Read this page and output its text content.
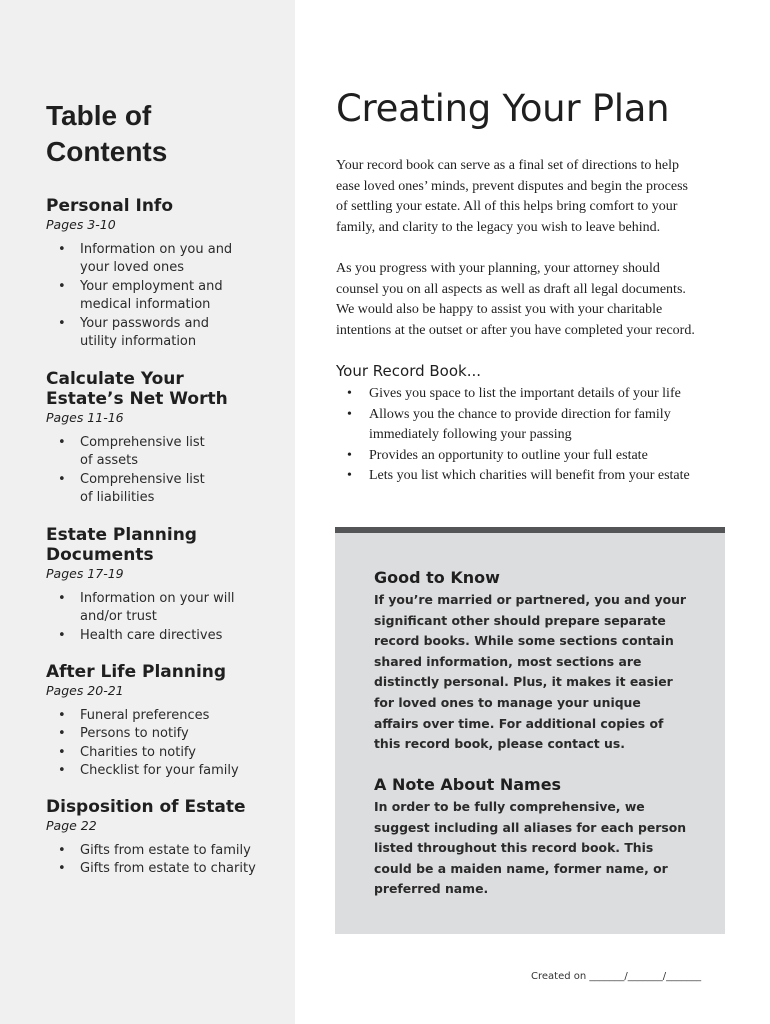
Table of
Contents
Personal Info

Pages 3-10

• Information on you and
your loved ones
• Your employment and
medical information
• Your passwords and
utility information
Calculate Your
Estate’s Net Worth

Pages 11-16

• Comprehensive list
of assets
• Comprehensive list
of liabilities
Estate Planning
Documents

Pages 17-19

• Information on your will
and/or trust
• Health care directives
After Life Planning

Pages 20-21

• Funeral preferences
• Persons to notify
• Charities to notify
• Checklist for your family
Disposition of Estate

Page 22

• Gifts from estate to family
• Gifts from estate to charity
Creating Your Plan

Your record book can serve as a final set of directions to help
ease loved ones’ minds, prevent disputes and begin the process
of settling your estate. All of this helps bring comfort to your
family, and clarity to the legacy you wish to leave behind.

As you progress with your planning, your attorney should
counsel you on all aspects as well as draft all legal documents.
We would also be happy to assist you with your charitable
intentions at the outset or after you have completed your record.

Your Record Book...
• Gives you space to list the important details of your life
• Allows you the chance to provide direction for family
immediately following your passing
• Provides an opportunity to outline your full estate
• Lets you list which charities will benefit from your estate
Good to Know

If you’re married or partnered, you and your
significant other should prepare separate
record books. While some sections contain
shared information, most sections are
distinctly personal. Plus, it makes it easier
for loved ones to manage your unique
affairs over time. For additional copies of
this record book, please contact us.

A Note About Names

In order to be fully comprehensive, we
suggest including all aliases for each person
listed throughout this record book. This
could be a maiden name, former name, or
preferred name.

Created on _______/_______/_______
